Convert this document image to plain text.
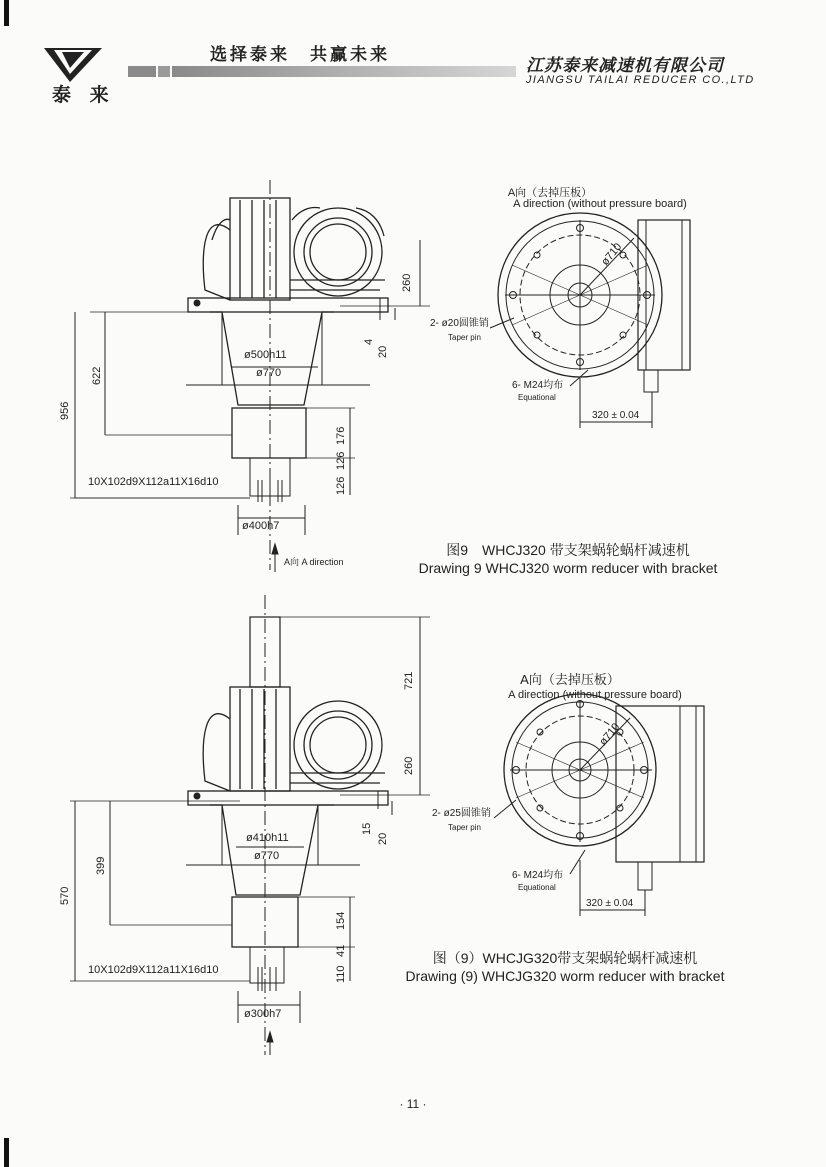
泰 来
选择泰来　共赢未来
江苏泰来减速机有限公司
JIANGSU TAILAI REDUCER CO.,LTD
260
4
20
622
956
176
126
126
ø500h11
ø770
10X102d9X112a11X16d10
ø400h7
A向 A direction
A向（去掉压板）
A direction (without pressure board)
ø710
2- ø20圆锥销
Taper pin
6- M24均布
Equational
320 ± 0.04
图9　WHCJ320 带支架蜗轮蜗杆减速机
Drawing 9 WHCJ320 worm reducer with bracket
721
260
15
20
399
570
154
41
110
ø410h11
ø770
10X102d9X112a11X16d10
ø300h7
A向（去掉压板）
A direction (without pressure board)
ø710
2- ø25圆锥销
Taper pin
6- M24均布
Equational
320 ± 0.04
图（9）WHCJG320带支架蜗轮蜗杆减速机
Drawing (9) WHCJG320 worm reducer with bracket
· 11 ·
